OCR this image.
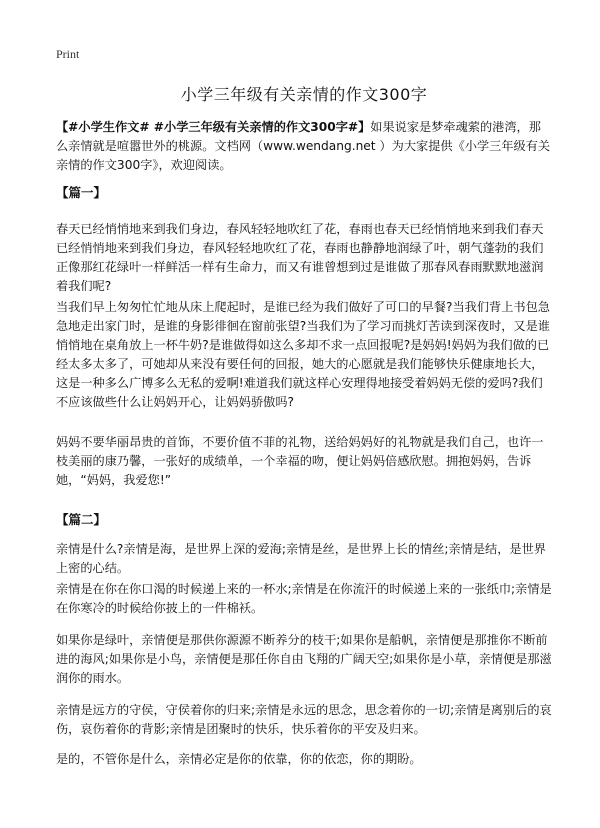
Print
小学三年级有关亲情的作文300字
【#小学生作文# #小学三年级有关亲情的作文300字#】如果说家是梦牵魂萦的港湾，那么亲情就是喧嚣世外的桃源。文档网（www.wendang.net ）为大家提供《小学三年级有关亲情的作文300字》，欢迎阅读。
【篇一】
春天已经悄悄地来到我们身边，春风轻轻地吹红了花，春雨也春天已经悄悄地来到我们春天已经悄悄地来到我们身边，春风轻轻地吹红了花，春雨也静静地润绿了叶，朝气蓬勃的我们正像那红花绿叶一样鲜活一样有生命力，而又有谁曾想到过是谁做了那春风春雨默默地滋润着我们呢?
当我们早上匆匆忙忙地从床上爬起时，是谁已经为我们做好了可口的早餐?当我们背上书包急急地走出家门时，是谁的身影徘徊在窗前张望?当我们为了学习而挑灯苦读到深夜时，又是谁悄悄地在桌角放上一杯牛奶?是谁做得如这么多却不求一点回报呢?是妈妈!妈妈为我们做的已经太多太多了，可她却从来没有要任何的回报，她大的心愿就是我们能够快乐健康地长大，这是一种多么广博多么无私的爱啊!难道我们就这样心安理得地接受着妈妈无偿的爱吗?我们不应该做些什么让妈妈开心，让妈妈骄傲吗?
妈妈不要华丽昂贵的首饰，不要价值不菲的礼物，送给妈妈好的礼物就是我们自己，也许一枝美丽的康乃馨，一张好的成绩单，一个幸福的吻，便让妈妈倍感欣慰。拥抱妈妈，告诉她，“妈妈，我爱您!”
【篇二】
亲情是什么?亲情是海，是世界上深的爱海;亲情是丝，是世界上长的情丝;亲情是结，是世界上密的心结。
亲情是在你在你口渴的时候递上来的一杯水;亲情是在你流汗的时候递上来的一张纸巾;亲情是在你寒冷的时候给你披上的一件棉袄。
如果你是绿叶，亲情便是那供你源源不断养分的枝干;如果你是船帆，亲情便是那推你不断前进的海风;如果你是小鸟，亲情便是那任你自由飞翔的广阔天空;如果你是小草，亲情便是那滋润你的雨水。
亲情是远方的守侯，守侯着你的归来;亲情是永远的思念，思念着你的一切;亲情是离别后的哀伤，哀伤着你的背影;亲情是团聚时的快乐，快乐着你的平安及归来。
是的，不管你是什么，亲情必定是你的依靠，你的依恋，你的期盼。
